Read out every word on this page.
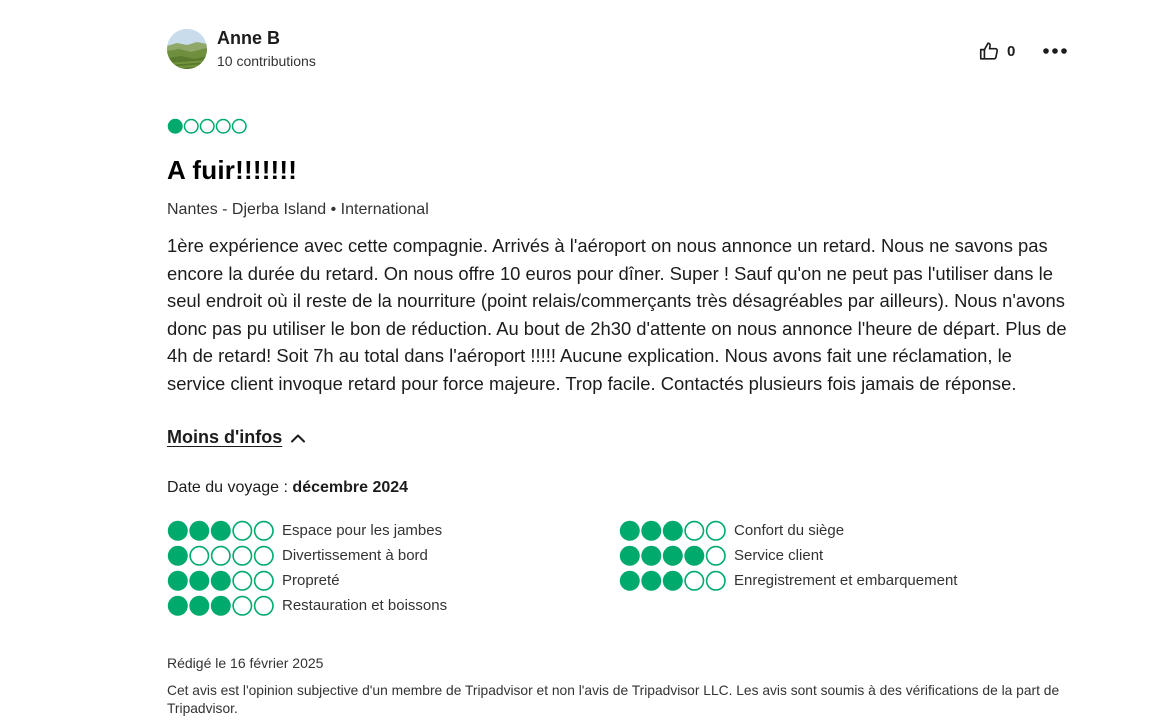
Anne B
10 contributions
0
A fuir!!!!!!!
Nantes - Djerba Island • International

1ère expérience avec cette compagnie. Arrivés à l'aéroport on nous annonce un retard. Nous ne savons pas encore la durée du retard. On nous offre 10 euros pour dîner. Super ! Sauf qu'on ne peut pas l'utiliser dans le seul endroit où il reste de la nourriture (point relais/commerçants très désagréables par ailleurs). Nous n'avons donc pas pu utiliser le bon de réduction. Au bout de 2h30 d'attente on nous annonce l'heure de départ. Plus de 4h de retard! Soit 7h au total dans l'aéroport !!!!! Aucune explication. Nous avons fait une réclamation, le service client invoque retard pour force majeure. Trop facile. Contactés plusieurs fois jamais de réponse.

Moins d'infos
Date du voyage : décembre 2024
Espace pour les jambes
Divertissement à bord
Propreté
Restauration et boissons
Confort du siège
Service client
Enregistrement et embarquement
Rédigé le 16 février 2025

Cet avis est l'opinion subjective d'un membre de Tripadvisor et non l'avis de Tripadvisor LLC. Les avis sont soumis à des vérifications de la part de Tripadvisor.
